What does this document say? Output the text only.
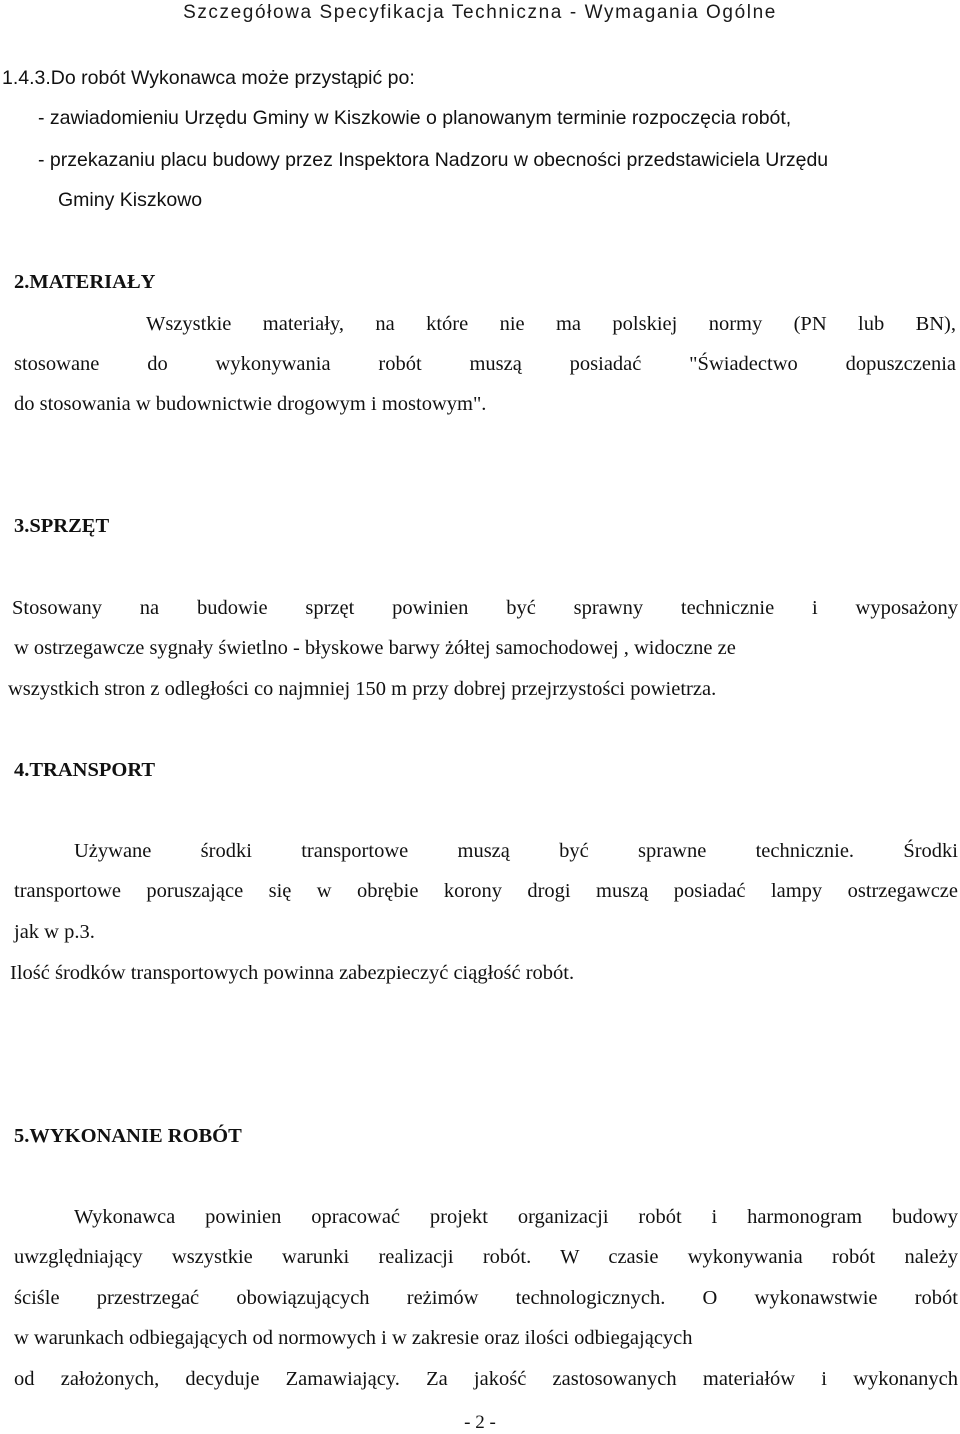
Szczegółowa Specyfikacja Techniczna - Wymagania Ogólne
1.4.3.Do robót Wykonawca może przystąpić po:
- zawiadomieniu Urzędu Gminy w Kiszkowie o planowanym terminie rozpoczęcia robót,
- przekazaniu placu budowy przez Inspektora Nadzoru w obecności przedstawiciela Urzędu
Gminy Kiszkowo
2.MATERIAŁY
Wszystkie materiały, na które nie ma polskiej normy (PN lub BN),
stosowane do wykonywania robót muszą posiadać "Świadectwo dopuszczenia
do stosowania w budownictwie drogowym i mostowym".
3.SPRZĘT
Stosowany na budowie sprzęt powinien być sprawny technicznie i wyposażony
w ostrzegawcze sygnały świetlno - błyskowe barwy żółtej samochodowej , widoczne ze
wszystkich stron z odległości co najmniej 150 m przy dobrej przejrzystości powietrza.
4.TRANSPORT
Używane środki transportowe muszą być sprawne technicznie. Środki
transportowe poruszające się w obrębie korony drogi muszą posiadać lampy ostrzegawcze
jak w p.3.
Ilość środków transportowych powinna zabezpieczyć ciągłość robót.
5.WYKONANIE ROBÓT
Wykonawca powinien opracować projekt organizacji robót i harmonogram budowy
uwzględniający wszystkie warunki realizacji robót. W czasie wykonywania robót należy
ściśle przestrzegać obowiązujących reżimów technologicznych. O wykonawstwie robót
w warunkach odbiegających od normowych i w zakresie oraz ilości odbiegających
od założonych, decyduje Zamawiający. Za jakość zastosowanych materiałów i wykonanych
- 2 -
